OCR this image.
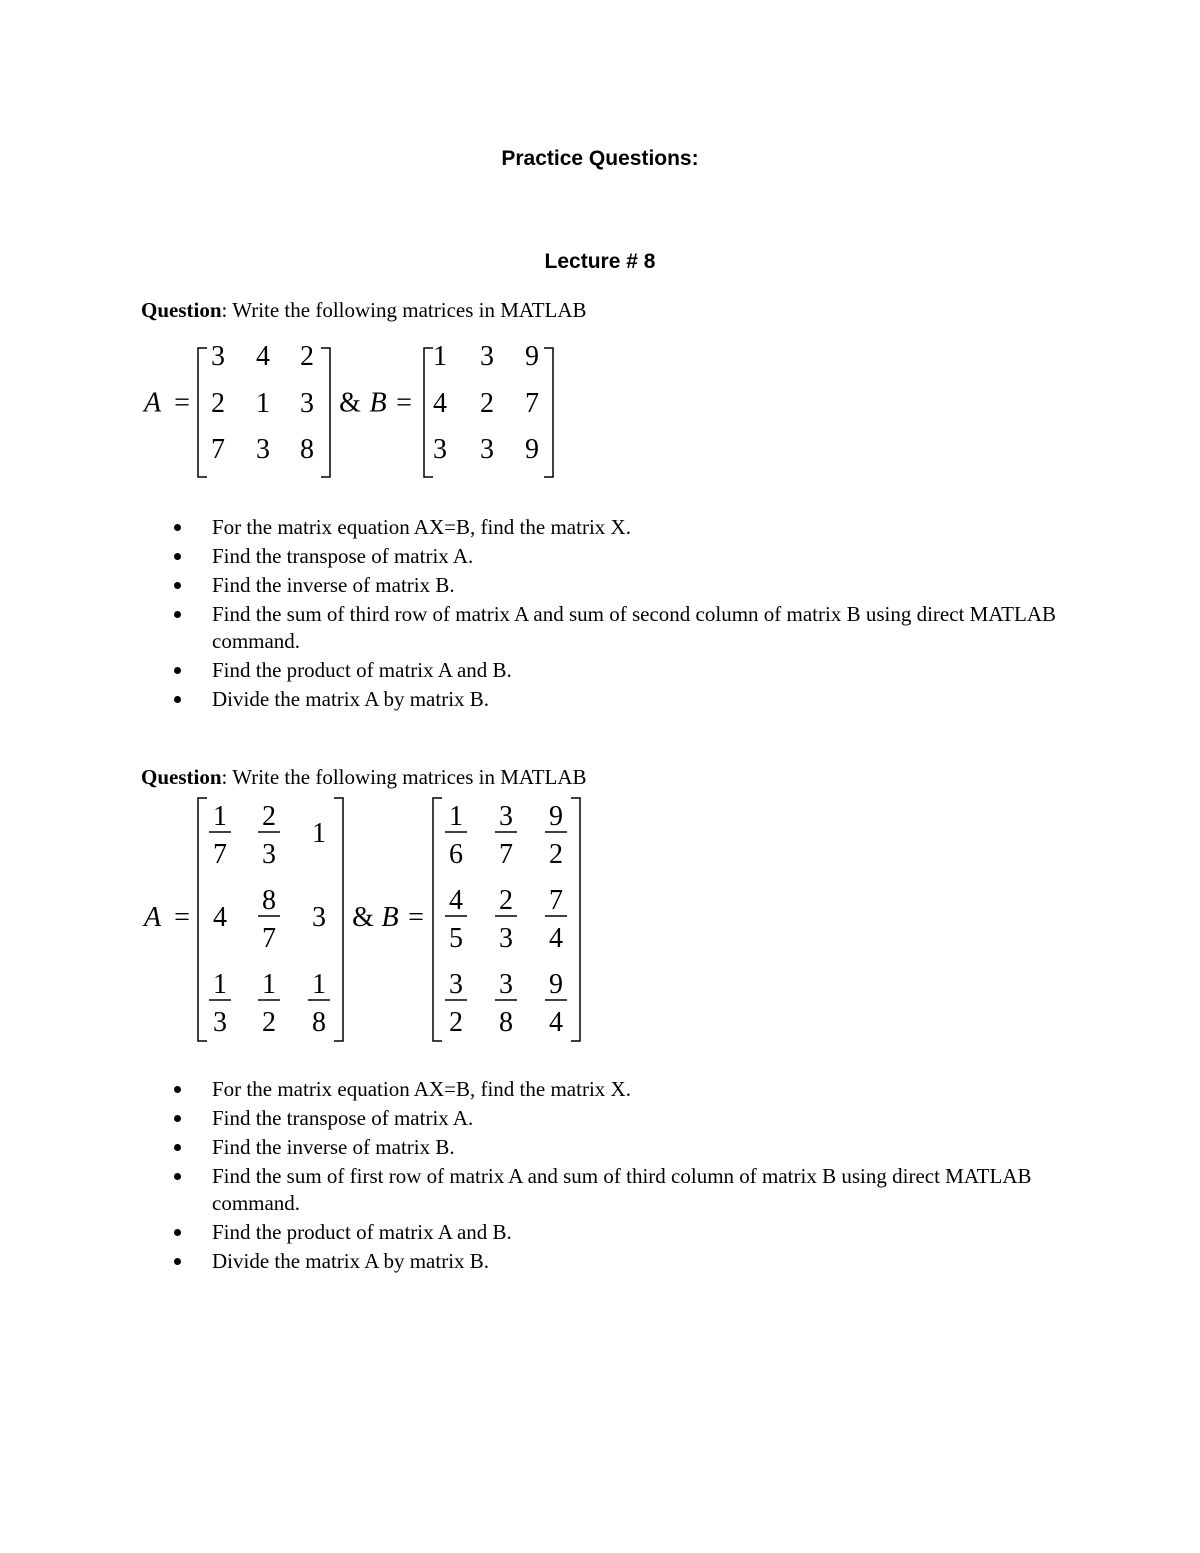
Practice Questions:
Lecture # 8
Question: Write the following matrices in MATLAB
A =
3 4 2
2 1 3
7 3 8
& B =
1 3 9
4 2 7
3 3 9
For the matrix equation AX=B, find the matrix X.
Find the transpose of matrix A.
Find the inverse of matrix B.
Find the sum of third row of matrix A and sum of second column of matrix B using direct MATLAB command.
Find the product of matrix A and B.
Divide the matrix A by matrix B.
Question: Write the following matrices in MATLAB
A =
1
7
2
3
1
4
8
7
3
1
3
1
2
1
8
& B =
1
6
3
7
9
2
4
5
2
3
7
4
3
2
3
8
9
4
For the matrix equation AX=B, find the matrix X.
Find the transpose of matrix A.
Find the inverse of matrix B.
Find the sum of first row of matrix A and sum of third column of matrix B using direct MATLAB command.
Find the product of matrix A and B.
Divide the matrix A by matrix B.
